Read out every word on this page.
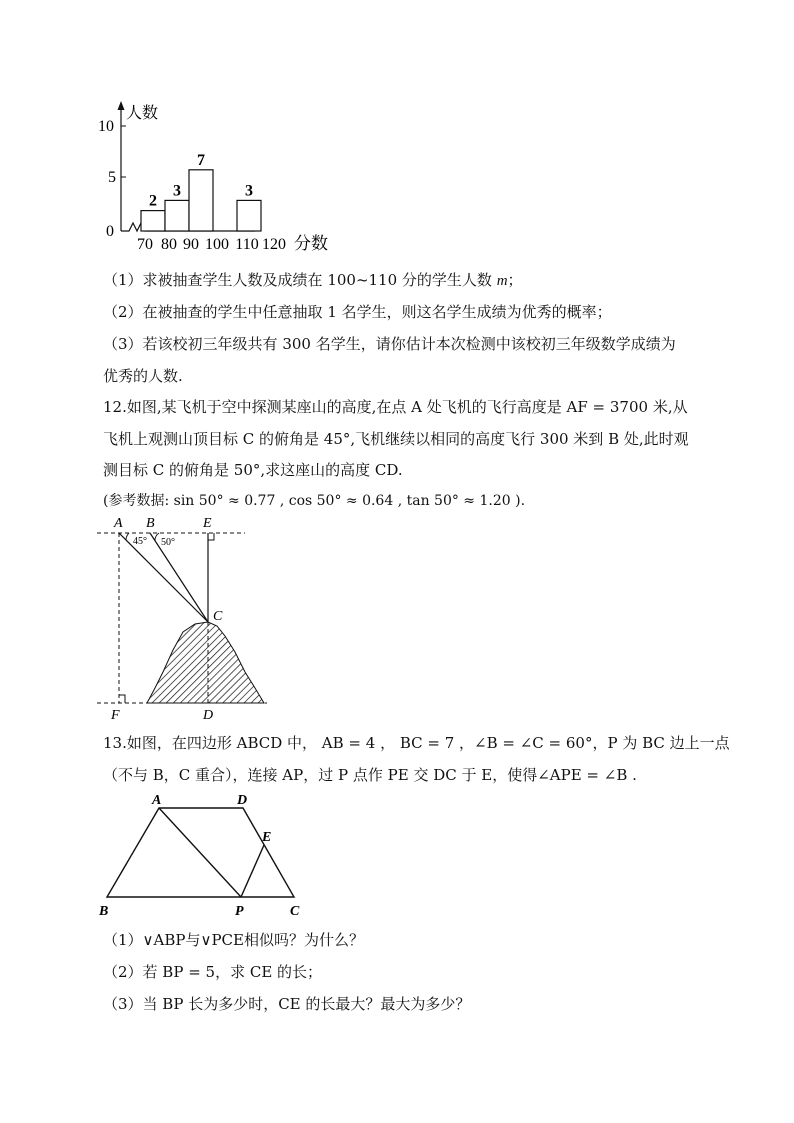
10
5
0
人数
2
3
7
3
70 80 90 100 110 120 分数
（1）求被抽查学生人数及成绩在 100~110 分的学生人数 m；
（2）在被抽查的学生中任意抽取 1 名学生，则这名学生成绩为优秀的概率；
（3）若该校初三年级共有 300 名学生，请你估计本次检测中该校初三年级数学成绩为
优秀的人数.
12.如图,某飞机于空中探测某座山的高度,在点 A 处飞机的飞行高度是 AF = 3700 米,从
飞机上观测山顶目标 C 的俯角是 45°,飞机继续以相同的高度飞行 300 米到 B 处,此时观
测目标 C 的俯角是 50°,求这座山的高度 CD.
(参考数据: sin 50° ≈ 0.77 , cos 50° ≈ 0.64 , tan 50° ≈ 1.20 ).
A B	E
C
F	D
45° 50°
13.如图，在四边形 ABCD 中， AB = 4 ， BC = 7 ，∠B = ∠C = 60°，P 为 BC 边上一点
（不与 B，C 重合），连接 AP，过 P 点作 PE 交 DC 于 E，使得∠APE = ∠B .
A	D
E
B	P	C
（1）∨ABP与∨PCE相似吗？为什么？
（2）若 BP = 5，求 CE 的长；
（3）当 BP 长为多少时，CE 的长最大？最大为多少？
